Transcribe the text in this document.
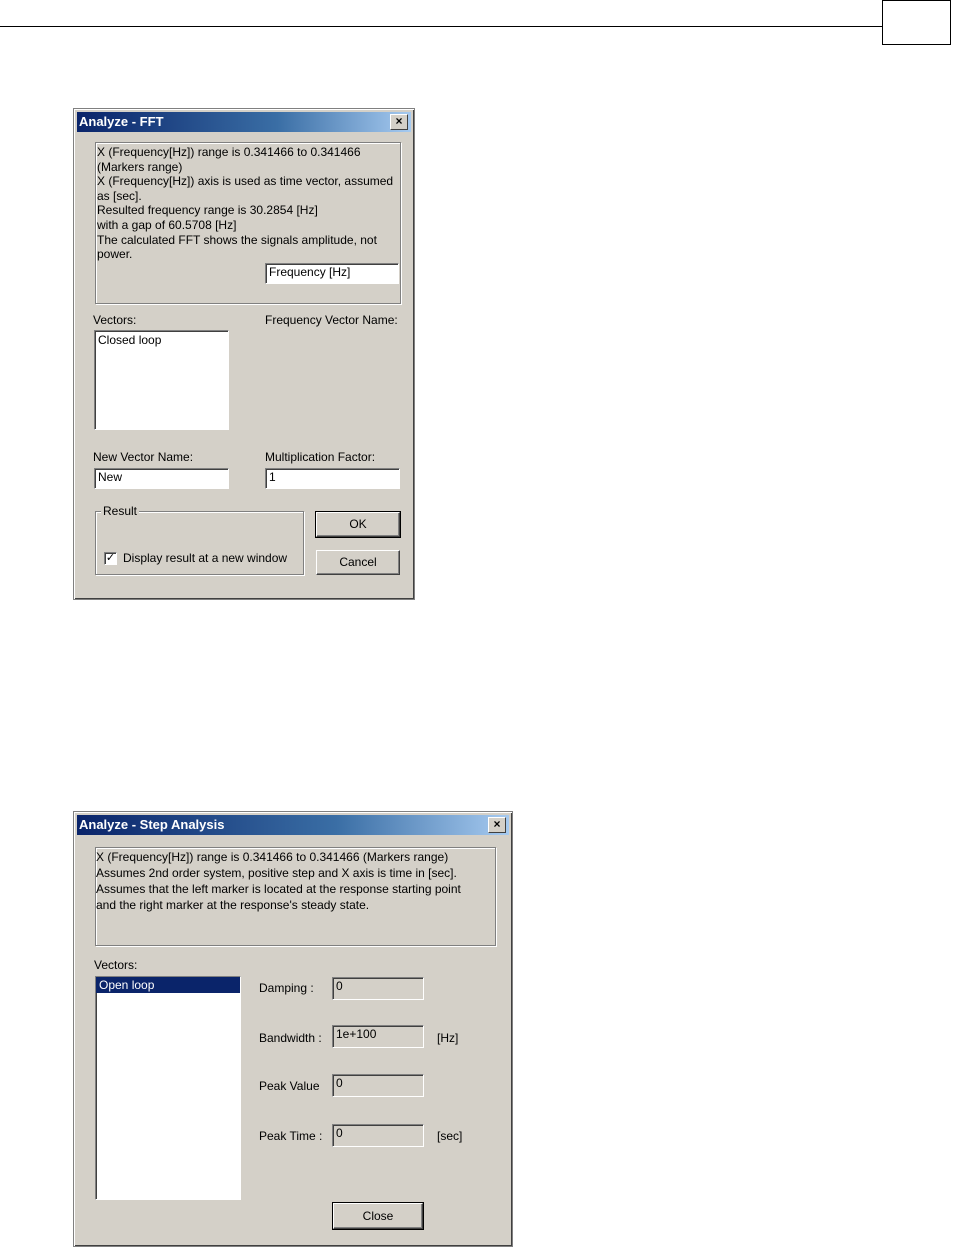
Analyze - FFT	×
X (Frequency[Hz]) range is 0.341466 to 0.341466
(Markers range)
X (Frequency[Hz]) axis is used as time vector, assumed
as [sec].
Resulted frequency range is 30.2854 [Hz]
with a gap of 60.5708 [Hz]
The calculated FFT shows the signals amplitude, not
power.
Frequency [Hz]
Vectors:	Frequency Vector Name:
Closed loop
New Vector Name:	Multiplication Factor:
New	1
Result
✓ Display result at a new window
OK
Cancel
Analyze - Step Analysis	×
X (Frequency[Hz]) range is 0.341466 to 0.341466 (Markers range)
Assumes 2nd order system, positive step and X axis is time in [sec].
Assumes that the left marker is located at the response starting point
and the right marker at the response's steady state.
Vectors:
Open loop	Damping :	0
Bandwidth :	1e+100	[Hz]
Peak Value	0
Peak Time :	0	[sec]
Close
